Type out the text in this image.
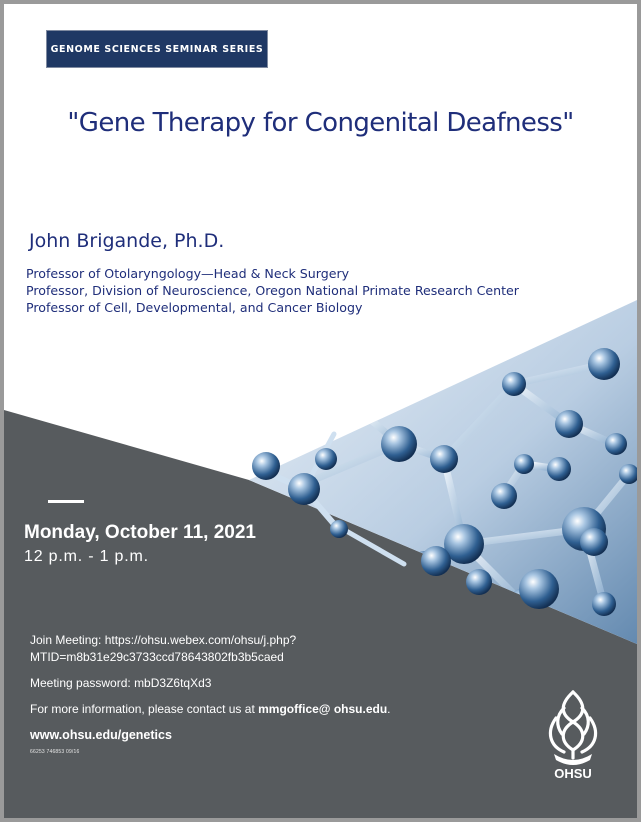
GENOME SCIENCES SEMINAR SERIES
"Gene Therapy for Congenital Deafness"
John Brigande, Ph.D.
Professor of Otolaryngology—Head & Neck Surgery
Professor, Division of Neuroscience, Oregon National Primate Research Center
Professor of Cell, Developmental, and Cancer Biology
Monday, October 11, 2021
12 p.m. - 1 p.m.
Join Meeting: https://ohsu.webex.com/ohsu/j.php?
MTID=m8b31e29c3733ccd78643802fb3b5caed
Meeting password: mbD3Z6tqXd3
For more information, please contact us at mmgoffice@ ohsu.edu.
www.ohsu.edu/genetics
66253 746853 09/16
OHSU
